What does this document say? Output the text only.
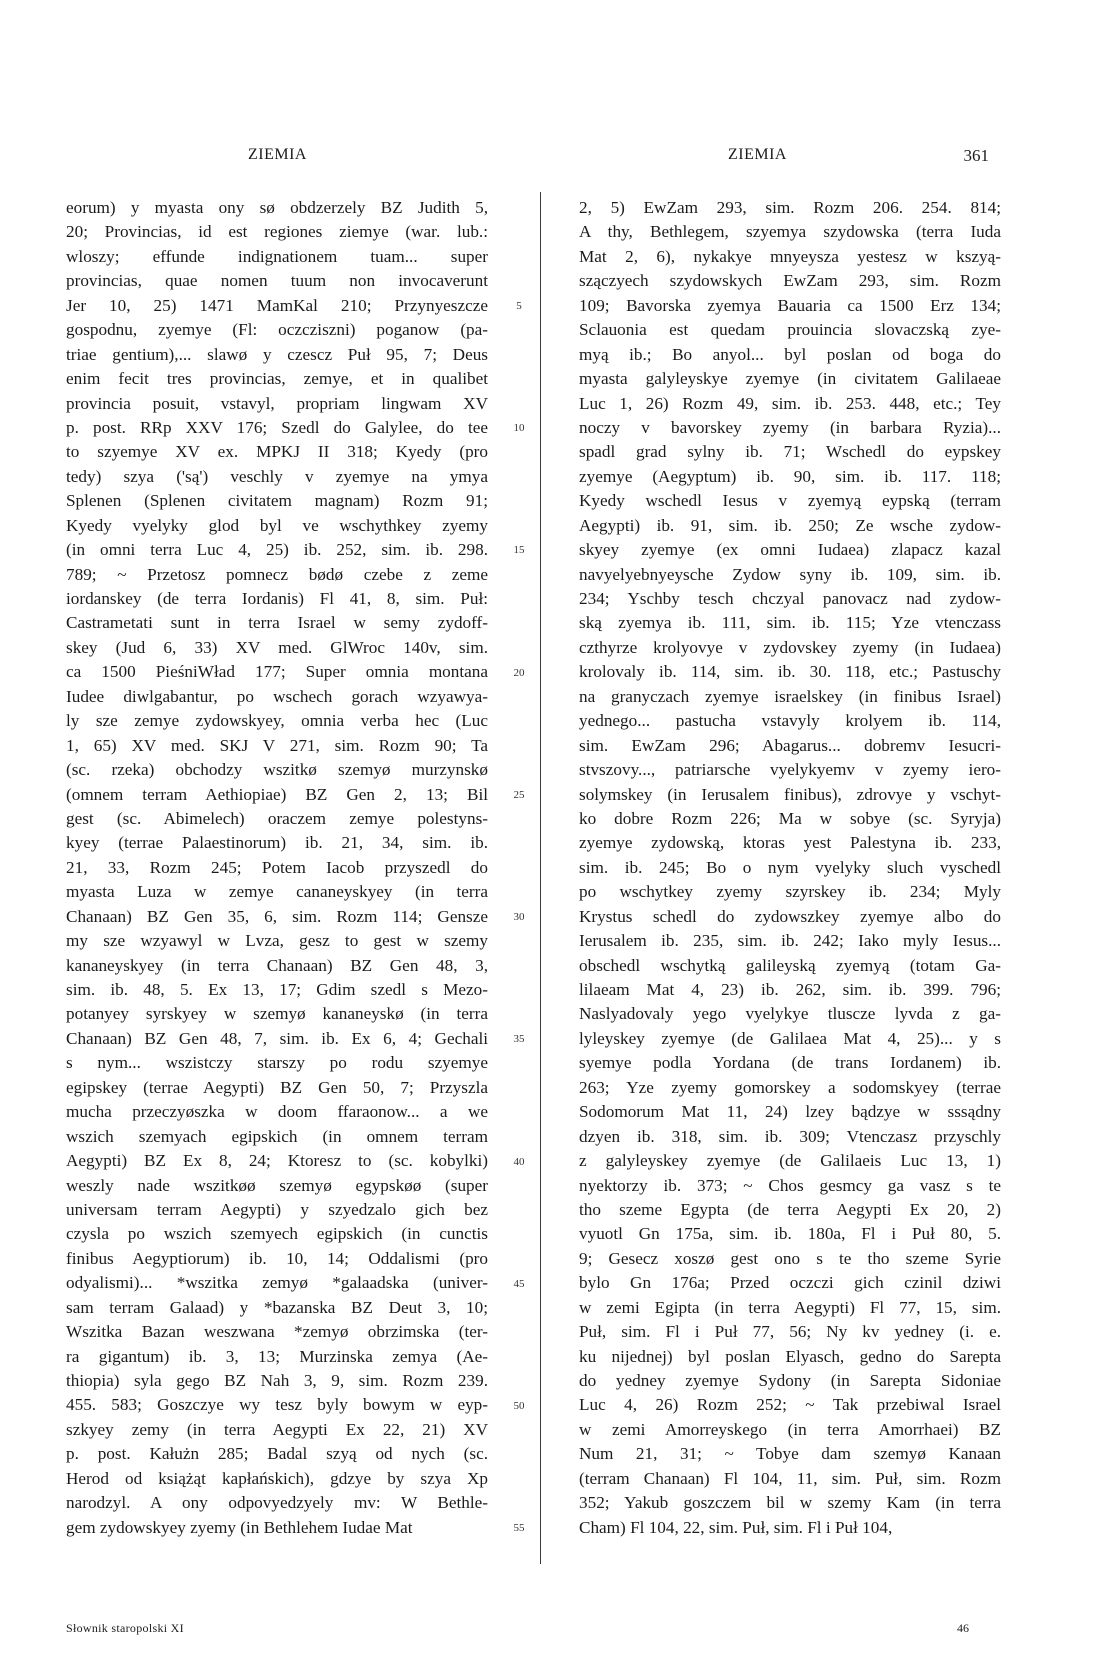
ZIEMIA	ZIEMIA	361
eorum) y myasta ony sø obdzerzely BZ Judith 5,
20; Provincias, id est regiones ziemye (war. lub.:
wloszy; effunde indignationem tuam... super
provincias, quae nomen tuum non invocaverunt
Jer 10, 25) 1471 MamKal 210; Przynyeszcze
gospodnu, zyemye (Fl: oczcziszni) poganow (pa-
triae gentium),... slawø y czescz Puł 95, 7; Deus
enim fecit tres provincias, zemye, et in qualibet
provincia posuit, vstavyl, propriam lingwam XV
p. post. RRp XXV 176; Szedl do Galylee, do tee
to szyemye XV ex. MPKJ II 318; Kyedy (pro
tedy) szya ('są') veschly v zyemye na ymya
Splenen (Splenen civitatem magnam) Rozm 91;
Kyedy vyelyky glod byl ve wschythkey zyemy
(in omni terra Luc 4, 25) ib. 252, sim. ib. 298.
789; ~ Przetosz pomnecz bødø czebe z zeme
iordanskey (de terra Iordanis) Fl 41, 8, sim. Puł:
Castrametati sunt in terra Israel w semy zydoff-
skey (Jud 6, 33) XV med. GlWroc 140v, sim.
ca 1500 PieśniWład 177; Super omnia montana
Iudee diwlgabantur, po wschech gorach wzyawya-
ly sze zemye zydowskyey, omnia verba hec (Luc
1, 65) XV med. SKJ V 271, sim. Rozm 90; Ta
(sc. rzeka) obchodzy wszitkø szemyø murzynskø
(omnem terram Aethiopiae) BZ Gen 2, 13; Bil
gest (sc. Abimelech) oraczem zemye polestyns-
kyey (terrae Palaestinorum) ib. 21, 34, sim. ib.
21, 33, Rozm 245; Potem Iacob przyszedl do
myasta Luza w zemye cananeyskyey (in terra
Chanaan) BZ Gen 35, 6, sim. Rozm 114; Gensze
my sze wzyawyl w Lvza, gesz to gest w szemy
kananeyskyey (in terra Chanaan) BZ Gen 48, 3,
sim. ib. 48, 5. Ex 13, 17; Gdim szedl s Mezo-
potanyey syrskyey w szemyø kananeyskø (in terra
Chanaan) BZ Gen 48, 7, sim. ib. Ex 6, 4; Gechali
s nym... wszistczy starszy po rodu szyemye
egipskey (terrae Aegypti) BZ Gen 50, 7; Przyszla
mucha przeczyøszka w doom ffaraonow... a we
wszich szemyach egipskich (in omnem terram
Aegypti) BZ Ex 8, 24; Ktoresz to (sc. kobylki)
weszly nade wszitkøø szemyø egypskøø (super
universam terram Aegypti) y szyedzalo gich bez
czysla po wszich szemyech egipskich (in cunctis
finibus Aegyptiorum) ib. 10, 14; Oddalismi (pro
odyalismi)... *wszitka zemyø *galaadska (univer-
sam terram Galaad) y *bazanska BZ Deut 3, 10;
Wszitka Bazan weszwana *zemyø obrzimska (ter-
ra gigantum) ib. 3, 13; Murzinska zemya (Ae-
thiopia) syla gego BZ Nah 3, 9, sim. Rozm 239.
455. 583; Goszczye wy tesz byly bowym w eyp-
szkyey zemy (in terra Aegypti Ex 22, 21) XV
p. post. Kałużn 285; Badal szyą od nych (sc.
Herod od książąt kapłańskich), gdzye by szya Xp
narodzyl. A ony odpovyedzyely mv: W Bethle-
gem zydowskyey zyemy (in Bethlehem Iudae Mat
5
10
15
20
25
30
35
40
45
50
55
2, 5) EwZam 293, sim. Rozm 206. 254. 814;
A thy, Bethlegem, szyemya szydowska (terra Iuda
Mat 2, 6), nykakye mnyeysza yestesz w kszyą-
sząсzyech szydowskych EwZam 293, sim. Rozm
109; Bavorska zyemya Bauaria ca 1500 Erz 134;
Sclauonia est quedam prouincia slovaczską zye-
myą ib.; Bo anyol... byl poslan od boga do
myasta galyleyskye zyemye (in civitatem Galilaeae
Luc 1, 26) Rozm 49, sim. ib. 253. 448, etc.; Tey
noczy v bavorskey zyemy (in barbara Ryzia)...
spadl grad sylny ib. 71; Wschedl do eypskey
zyemye (Aegyptum) ib. 90, sim. ib. 117. 118;
Kyedy wschedl Iesus v zyemyą eypską (terram
Aegypti) ib. 91, sim. ib. 250; Ze wsche zydow-
skyey zyemye (ex omni Iudaea) zlapacz kazal
navyelyebnyeysche Zydow syny ib. 109, sim. ib.
234; Yschby tesch chczyal panovacz nad zydow-
ską zyemya ib. 111, sim. ib. 115; Yze vtenczass
czthyrze krolyovye v zydovskey zyemy (in Iudaea)
krolovaly ib. 114, sim. ib. 30. 118, etc.; Pastuschy
na granyczach zyemye israelskey (in finibus Israel)
yednego... pastucha vstavyly krolyem ib. 114,
sim. EwZam 296; Abagarus... dobremv Iesucri-
stvszovy..., patriarsche vyelykyemv v zyemy iero-
solymskey (in Ierusalem finibus), zdrovye y vschyt-
ko dobre Rozm 226; Ma w sobye (sc. Syryja)
zyemye zydowską, ktoras yest Palestyna ib. 233,
sim. ib. 245; Bo o nym vyelyky sluch vyschedl
po wschytkey zyemy szyrskey ib. 234; Myly
Krystus schedl do zydowszkey zyemye albo do
Ierusalem ib. 235, sim. ib. 242; Iako myly Iesus...
obschedl wschytką galileyską zyemyą (totam Ga-
lilaeam Mat 4, 23) ib. 262, sim. ib. 399. 796;
Naslyadovaly yego vyelykye tluscze lyvda z ga-
lyleyskey zyemye (de Galilaea Mat 4, 25)... y s
syemye podla Yordana (de trans Iordanem) ib.
263; Yze zyemy gomorskey a sodomskyey (terrae
Sodomorum Mat 11, 24) lzey bądzye w sssądny
dzyen ib. 318, sim. ib. 309; Vtenczasz przyschly
z galyleyskey zyemye (de Galilaeis Luc 13, 1)
nyektorzy ib. 373; ~ Chos gesmcy ga vasz s te
tho szeme Egypta (de terra Aegypti Ex 20, 2)
vyuotl Gn 175a, sim. ib. 180a, Fl i Puł 80, 5.
9; Gesecz xoszø gest ono s te tho szeme Syrie
bylo Gn 176a; Przed oczczi gich czinil dziwi
w zemi Egipta (in terra Aegypti) Fl 77, 15, sim.
Puł, sim. Fl i Puł 77, 56; Ny kv yedney (i. e.
ku nijednej) byl poslan Elyasch, gedno do Sarepta
do yedney zyemye Sydony (in Sarepta Sidoniae
Luc 4, 26) Rozm 252; ~ Tak przebiwal Israel
w zemi Amorreyskego (in terra Amorrhaei) BZ
Num 21, 31; ~ Tobye dam szemyø Kanaan
(terram Chanaan) Fl 104, 11, sim. Puł, sim. Rozm
352; Yakub goszczem bil w szemy Kam (in terra
Cham) Fl 104, 22, sim. Puł, sim. Fl i Puł 104,
Słownik staropolski XI	46
